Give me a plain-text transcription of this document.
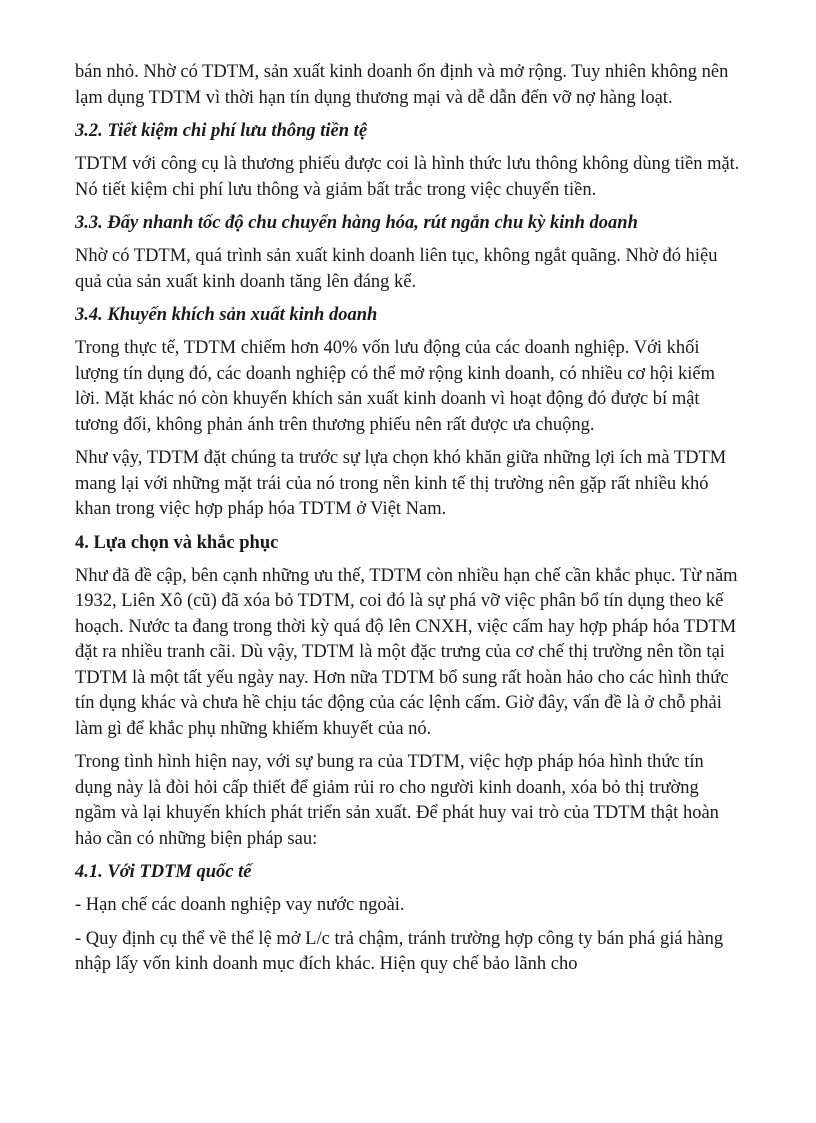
bán nhỏ. Nhờ có TDTM, sản xuất kinh doanh ổn định và mở rộng. Tuy nhiên không nên lạm dụng TDTM vì thời hạn tín dụng thương mại và dễ dẫn đến vỡ nợ hàng loạt.

3.2. Tiết kiệm chi phí lưu thông tiền tệ

TDTM với công cụ là thương phiếu được coi là hình thức lưu thông không dùng tiền mặt. Nó tiết kiệm chi phí lưu thông và giảm bất trắc trong việc chuyển tiền.

3.3. Đẩy nhanh tốc độ chu chuyển hàng hóa, rút ngắn chu kỳ kinh doanh

Nhờ có TDTM, quá trình sản xuất kinh doanh liên tục, không ngắt quãng. Nhờ đó hiệu quả của sản xuất kinh doanh tăng lên đáng kể.

3.4. Khuyến khích sản xuất kinh doanh

Trong thực tế, TDTM chiếm hơn 40% vốn lưu động của các doanh nghiệp. Với khối lượng tín dụng đó, các doanh nghiệp có thể mở rộng kinh doanh, có nhiều cơ hội kiếm lời. Mặt khác nó còn khuyến khích sản xuất kinh doanh vì hoạt động đó được bí mật tương đối, không phản ánh trên thương phiếu nên rất được ưa chuộng.

Như vậy, TDTM đặt chúng ta trước sự lựa chọn khó khăn giữa những lợi ích mà TDTM mang lại với những mặt trái của nó trong nền kinh tế thị trường nên gặp rất nhiều khó khan trong việc hợp pháp hóa TDTM ở Việt Nam.

4. Lựa chọn và khắc phục

Như đã đề cập, bên cạnh những ưu thế, TDTM còn nhiều hạn chế cần khắc phục. Từ năm 1932, Liên Xô (cũ) đã xóa bỏ TDTM, coi đó là sự phá vỡ việc phân bổ tín dụng theo kế hoạch. Nước ta đang trong thời kỳ quá độ lên CNXH, việc cấm hay hợp pháp hóa TDTM đặt ra nhiều tranh cãi. Dù vậy, TDTM là một đặc trưng của cơ chế thị trường nên tồn tại TDTM là một tất yếu ngày nay. Hơn nữa TDTM bổ sung rất hoàn hảo cho các hình thức tín dụng khác và chưa hề chịu tác động của các lệnh cấm. Giờ đây, vấn đề là ở chỗ phải làm gì để khắc phụ những khiếm khuyết của nó.

Trong tình hình hiện nay, với sự bung ra của TDTM, việc hợp pháp hóa hình thức tín dụng này là đòi hỏi cấp thiết để giảm rủi ro cho người kinh doanh, xóa bỏ thị trường ngầm và lại khuyến khích phát triển sản xuất. Để phát huy vai trò của TDTM thật hoàn hảo cần có những biện pháp sau:

4.1. Với TDTM quốc tế

- Hạn chế các doanh nghiệp vay nước ngoài.

- Quy định cụ thể về thể lệ mở L/c trả chậm, tránh trường hợp công ty bán phá giá hàng nhập lấy vốn kinh doanh mục đích khác. Hiện quy chế bảo lãnh cho
